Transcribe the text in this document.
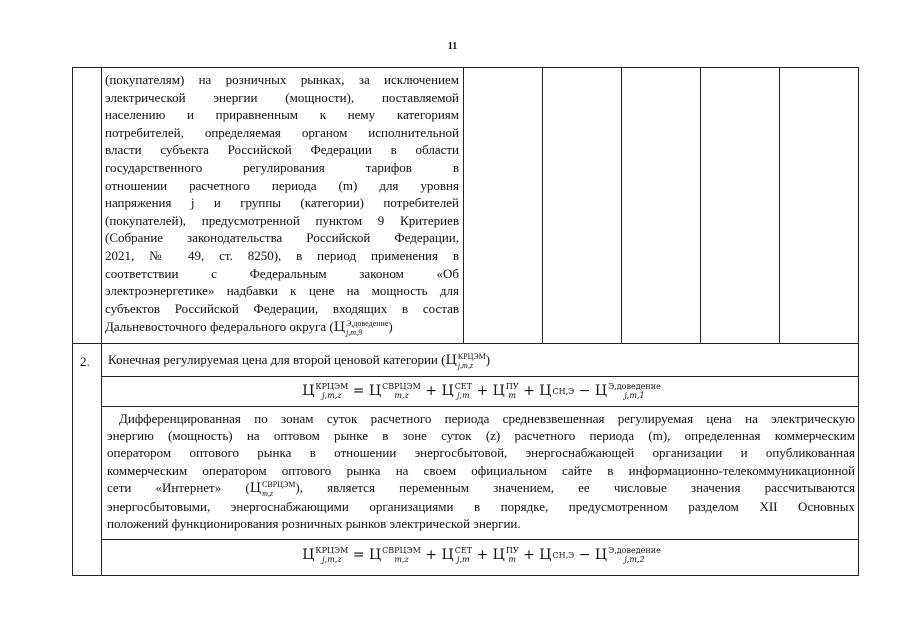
11
(покупателям) на розничных рынках, за исключением
электрической энергии (мощности), поставляемой
населению и приравненным к нему категориям
потребителей, определяемая органом исполнительной
власти субъекта Российской Федерации в области
государственного регулирования тарифов в
отношении расчетного периода (m) для уровня
напряжения j и группы (категории) потребителей
(покупателей), предусмотренной пунктом 9 Критериев
(Собрание законодательства Российской Федерации,
2021, № 49, ст. 8250), в период применения в
соответствии с Федеральным законом «Об
электроэнергетике» надбавки к цене на мощность для
субъектов Российской Федерации, входящих в состав
Дальневосточного федерального округа (Ц Э,доведение
j,m,9	)
2. Конечная регулируемая цена для второй ценовой категории (Ц КРЦЭМ
j,m,z )
Ц КРЦЭМ
j,m,z = Ц СВРЦЭМ
m,z	+ Ц СЕТ
j,m + Ц ПУ
m + Ц СН,Э − Ц Э,доведение
j,m,1
Дифференцированная по зонам суток расчетного периода средневзвешенная регулируемая цена на электрическую
энергию (мощность) на оптовом рынке в зоне суток (z) расчетного периода (m), определенная коммерческим
оператором оптового рынка в отношении энергосбытовой, энергоснабжающей организации и опубликованная
коммерческим оператором оптового рынка на своем официальном сайте в информационно-телекоммуникационной
сети «Интернет» (Ц СВРЦЭМ
m,z	), является переменным значением, ее числовые значения рассчитываются
энергосбытовыми, энергоснабжающими организациями в порядке, предусмотренном разделом XII Основных
положений функционирования розничных рынков электрической энергии.
Ц КРЦЭМ
j,m,z = Ц СВРЦЭМ
m,z	+ Ц СЕТ
j,m + Ц ПУ
m + Ц СН,Э − Ц Э,доведение
j,m,2
